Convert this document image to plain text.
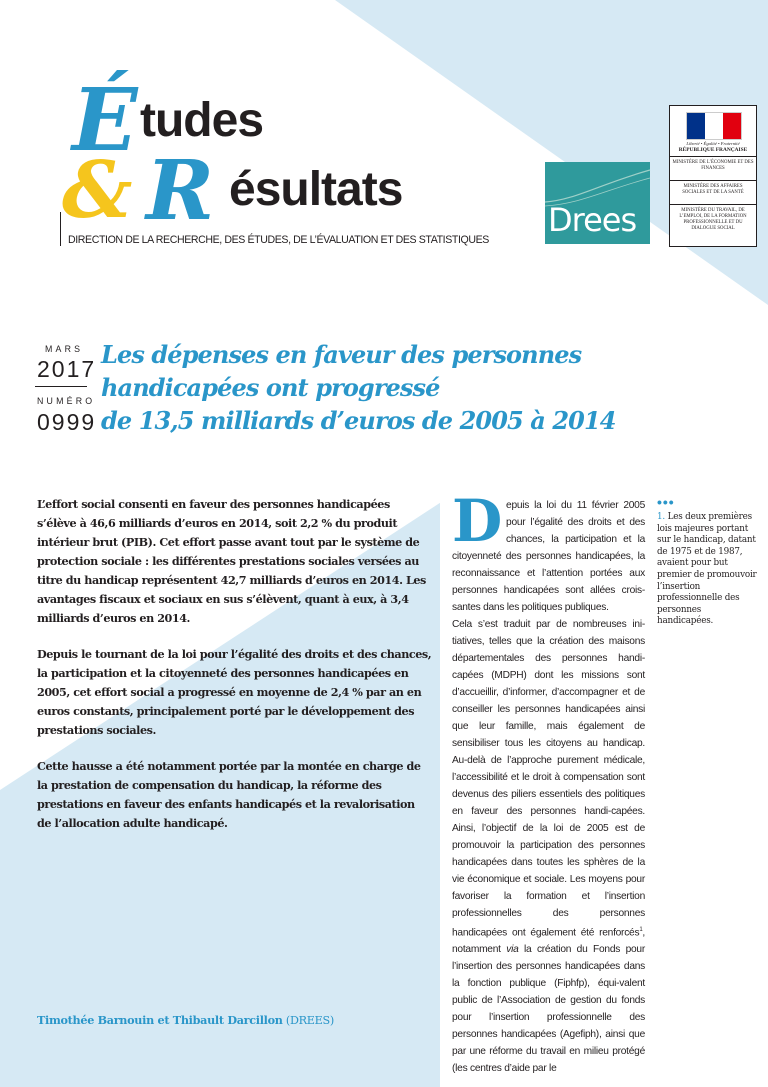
É tudes
& R ésultats
DIRECTION DE LA RECHERCHE, DES ÉTUDES, DE L’ÉVALUATION ET DES STATISTIQUES
Drees
Liberté • Égalité • Fraternité
RÉPUBLIQUE FRANÇAISE
MINISTÈRE DE L’ÉCONOMIE ET DES FINANCES
MINISTÈRE DES AFFAIRES SOCIALES ET DE LA SANTÉ
MINISTÈRE DU TRAVAIL, DE L’EMPLOI, DE LA FORMATION PROFESSIONNELLE ET DU DIALOGUE SOCIAL
MARS
2017
NUMÉRO
0999
Les dépenses en faveur des personnes
handicapées ont progressé
de 13,5 milliards d’euros de 2005 à 2014

L’effort social consenti en faveur des personnes handicapées s’élève à 46,6 milliards d’euros en 2014, soit 2,2 % du produit intérieur brut (PIB). Cet effort passe avant tout par le système de protection sociale : les différentes prestations sociales versées au titre du handicap représentent 42,7 milliards d’euros en 2014. Les avantages fiscaux et sociaux en sus s’élèvent, quant à eux, à 3,4 milliards d’euros en 2014.

Depuis le tournant de la loi pour l’égalité des droits et des chances, la participation et la citoyenneté des personnes handicapées en 2005, cet effort social a progressé en moyenne de 2,4 % par an en euros constants, principalement porté par le développement des prestations sociales.

Cette hausse a été notamment portée par la montée en charge de la prestation de compensation du handicap, la réforme des prestations en faveur des enfants handicapés et la revalorisation de l’allocation adulte handicapé.

Timothée Barnouin et Thibault Darcillon (DREES)
D epuis la loi du 11 février 2005 pour l’égalité des droits et des chances, la participation et la citoyenneté des personnes handicapées, la reconnaissance et l’attention portées aux personnes handicapées sont allées crois-santes dans les politiques publiques.

Cela s’est traduit par de nombreuses ini-tiatives, telles que la création des maisons départementales des personnes handi-capées (MDPH) dont les missions sont d’accueillir, d’informer, d’accompagner et de conseiller les personnes handicapées ainsi que leur famille, mais également de sensibiliser tous les citoyens au handicap. Au-delà de l’approche purement médicale, l’accessibilité et le droit à compensation sont devenus des piliers essentiels des politiques en faveur des personnes handi-capées. Ainsi, l’objectif de la loi de 2005 est de promouvoir la participation des personnes handicapées dans toutes les sphères de la vie économique et sociale. Les moyens pour favoriser la formation et l’insertion professionnelles des personnes handicapées ont également été renforcés$^1$, notamment via la création du Fonds pour l’insertion des personnes handicapées dans la fonction publique (Fiphfp), équi-valent public de l’Association de gestion du fonds pour l’insertion professionnelle des personnes handicapées (Agefiph), ainsi que par une réforme du travail en milieu protégé (les centres d’aide par le

•••
1. Les deux premières lois majeures portant sur le handicap, datant de 1975 et de 1987, avaient pour but premier de promouvoir l’insertion professionnelle des personnes handicapées.
